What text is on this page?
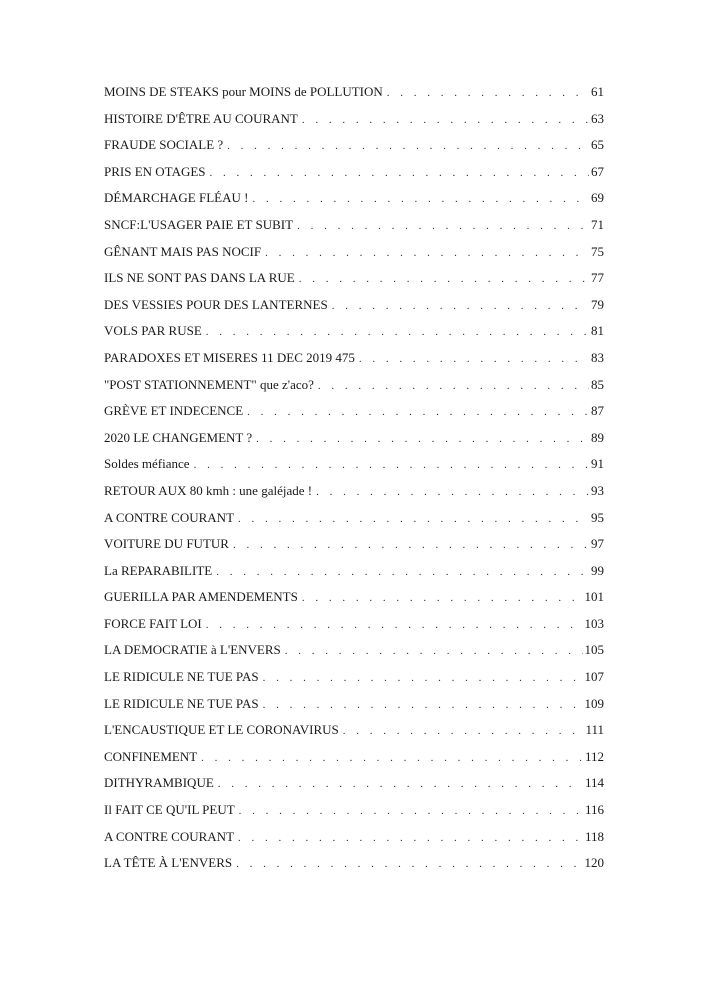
MOINS DE STEAKS pour MOINS de POLLUTION . . .	61
HISTOIRE D'ÊTRE AU COURANT . . .	63
FRAUDE SOCIALE ? . . .	65
PRIS EN OTAGES . . .	67
DÉMARCHAGE FLÉAU ! . . .	69
SNCF:L'USAGER PAIE ET SUBIT . . .	71
GÊNANT MAIS PAS NOCIF . . .	75
ILS NE SONT PAS DANS LA RUE . . .	77
DES VESSIES POUR DES LANTERNES . . .	79
VOLS PAR RUSE . . .	81
PARADOXES ET MISERES 11 DEC 2019 475 . . .	83
"POST STATIONNEMENT" que z'aco? . . .	85
GRÈVE ET INDECENCE . . .	87
2020 LE CHANGEMENT ? . . .	89
Soldes méfiance . . .	91
RETOUR AUX 80 kmh : une galéjade ! . . .	93
A CONTRE COURANT . . .	95
VOITURE DU FUTUR . . .	97
La REPARABILITE . . .	99
GUERILLA PAR AMENDEMENTS . . .	101
FORCE FAIT LOI . . .	103
LA DEMOCRATIE à L'ENVERS . . .	105
LE RIDICULE NE TUE PAS . . .	107
LE RIDICULE NE TUE PAS . . .	109
L'ENCAUSTIQUE ET LE CORONAVIRUS . . .	111
CONFINEMENT . . .	112
DITHYRAMBIQUE . . .	114
Il FAIT CE QU'IL PEUT . . .	116
A CONTRE COURANT . . .	118
LA TÊTE À L'ENVERS . . .	120
